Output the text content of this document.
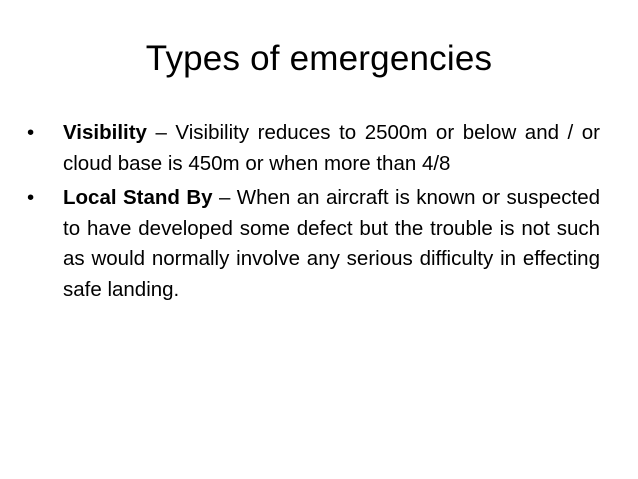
Types of emergencies
•	Visibility – Visibility reduces to 2500m or below and / or cloud base is 450m or when more than 4/8
•	Local Stand By – When an aircraft is known or suspected to have developed some defect but the trouble is not such as would normally involve any serious difficulty in effecting safe landing.
